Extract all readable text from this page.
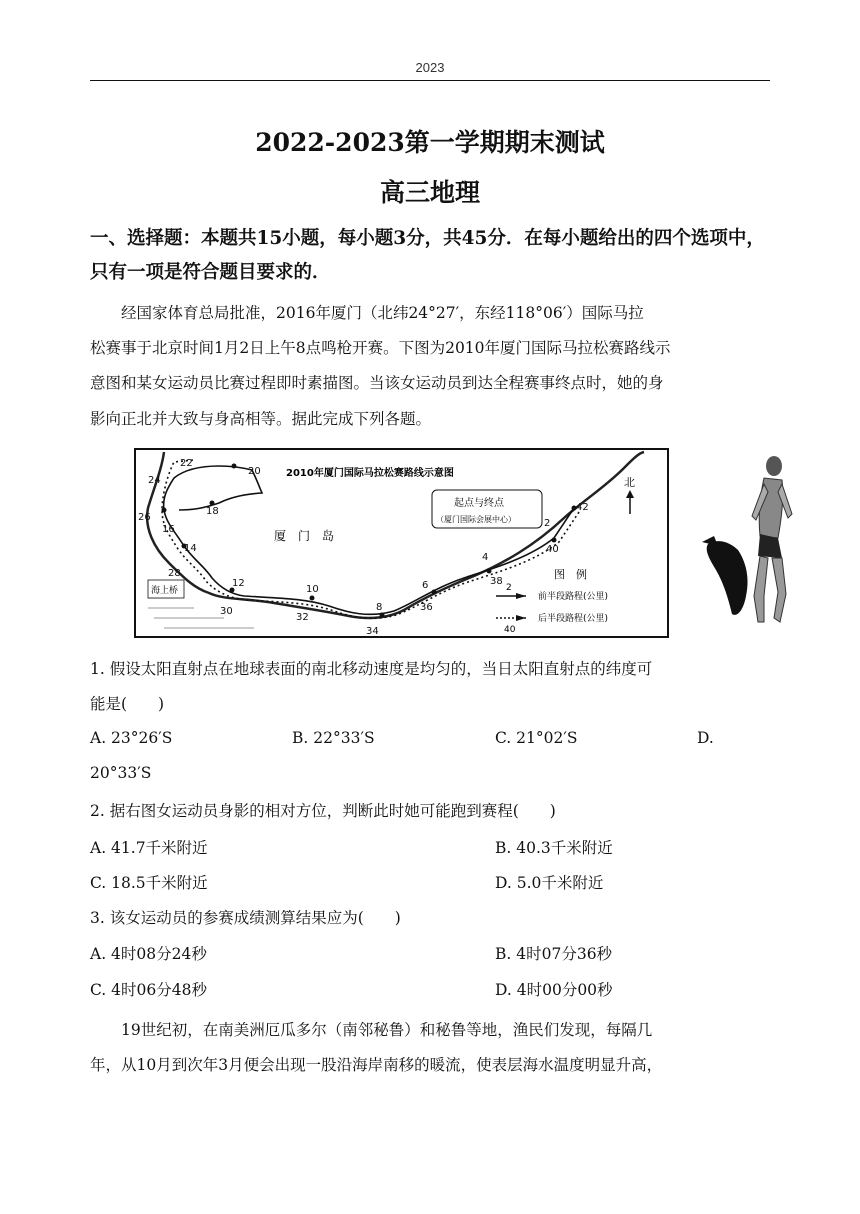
2023
2022-2023第一学期期末测试
高三地理
一、选择题：本题共15小题，每小题3分，共45分．在每小题给出的四个选项中，只有一项是符合题目要求的．
经国家体育总局批准，2016年厦门（北纬24°27′，东经118°06′）国际马拉
松赛事于北京时间1月2日上午8点鸣枪开赛。下图为2010年厦门国际马拉松赛路线示
意图和某女运动员比赛过程即时素描图。当该女运动员到达全程赛事终点时，她的身
影向正北并大致与身高相等。据此完成下列各题。
22
20
24
18
26
16
14
28
12
30
10
32
8
34
6
36
4
38
2
40
42
2010年厦门国际马拉松赛路线示意图
厦　门　岛
起点与终点
（厦门国际会展中心）
海上桥
北
图　例
2
前半段路程(公里)
40
后半段路程(公里)
1. 假设太阳直射点在地球表面的南北移动速度是均匀的，当日太阳直射点的纬度可
能是(　　)
A. 23°26′S	B. 22°33′S	C. 21°02′S	D.
20°33′S
2. 据右图女运动员身影的相对方位，判断此时她可能跑到赛程(　　)
A. 41.7千米附近	B. 40.3千米附近
C. 18.5千米附近	D. 5.0千米附近
3. 该女运动员的参赛成绩测算结果应为(　　)
A. 4时08分24秒	B. 4时07分36秒
C. 4时06分48秒	D. 4时00分00秒
19世纪初，在南美洲厄瓜多尔（南邻秘鲁）和秘鲁等地，渔民们发现，每隔几
年，从10月到次年3月便会出现一股沿海岸南移的暖流，使表层海水温度明显升高，
